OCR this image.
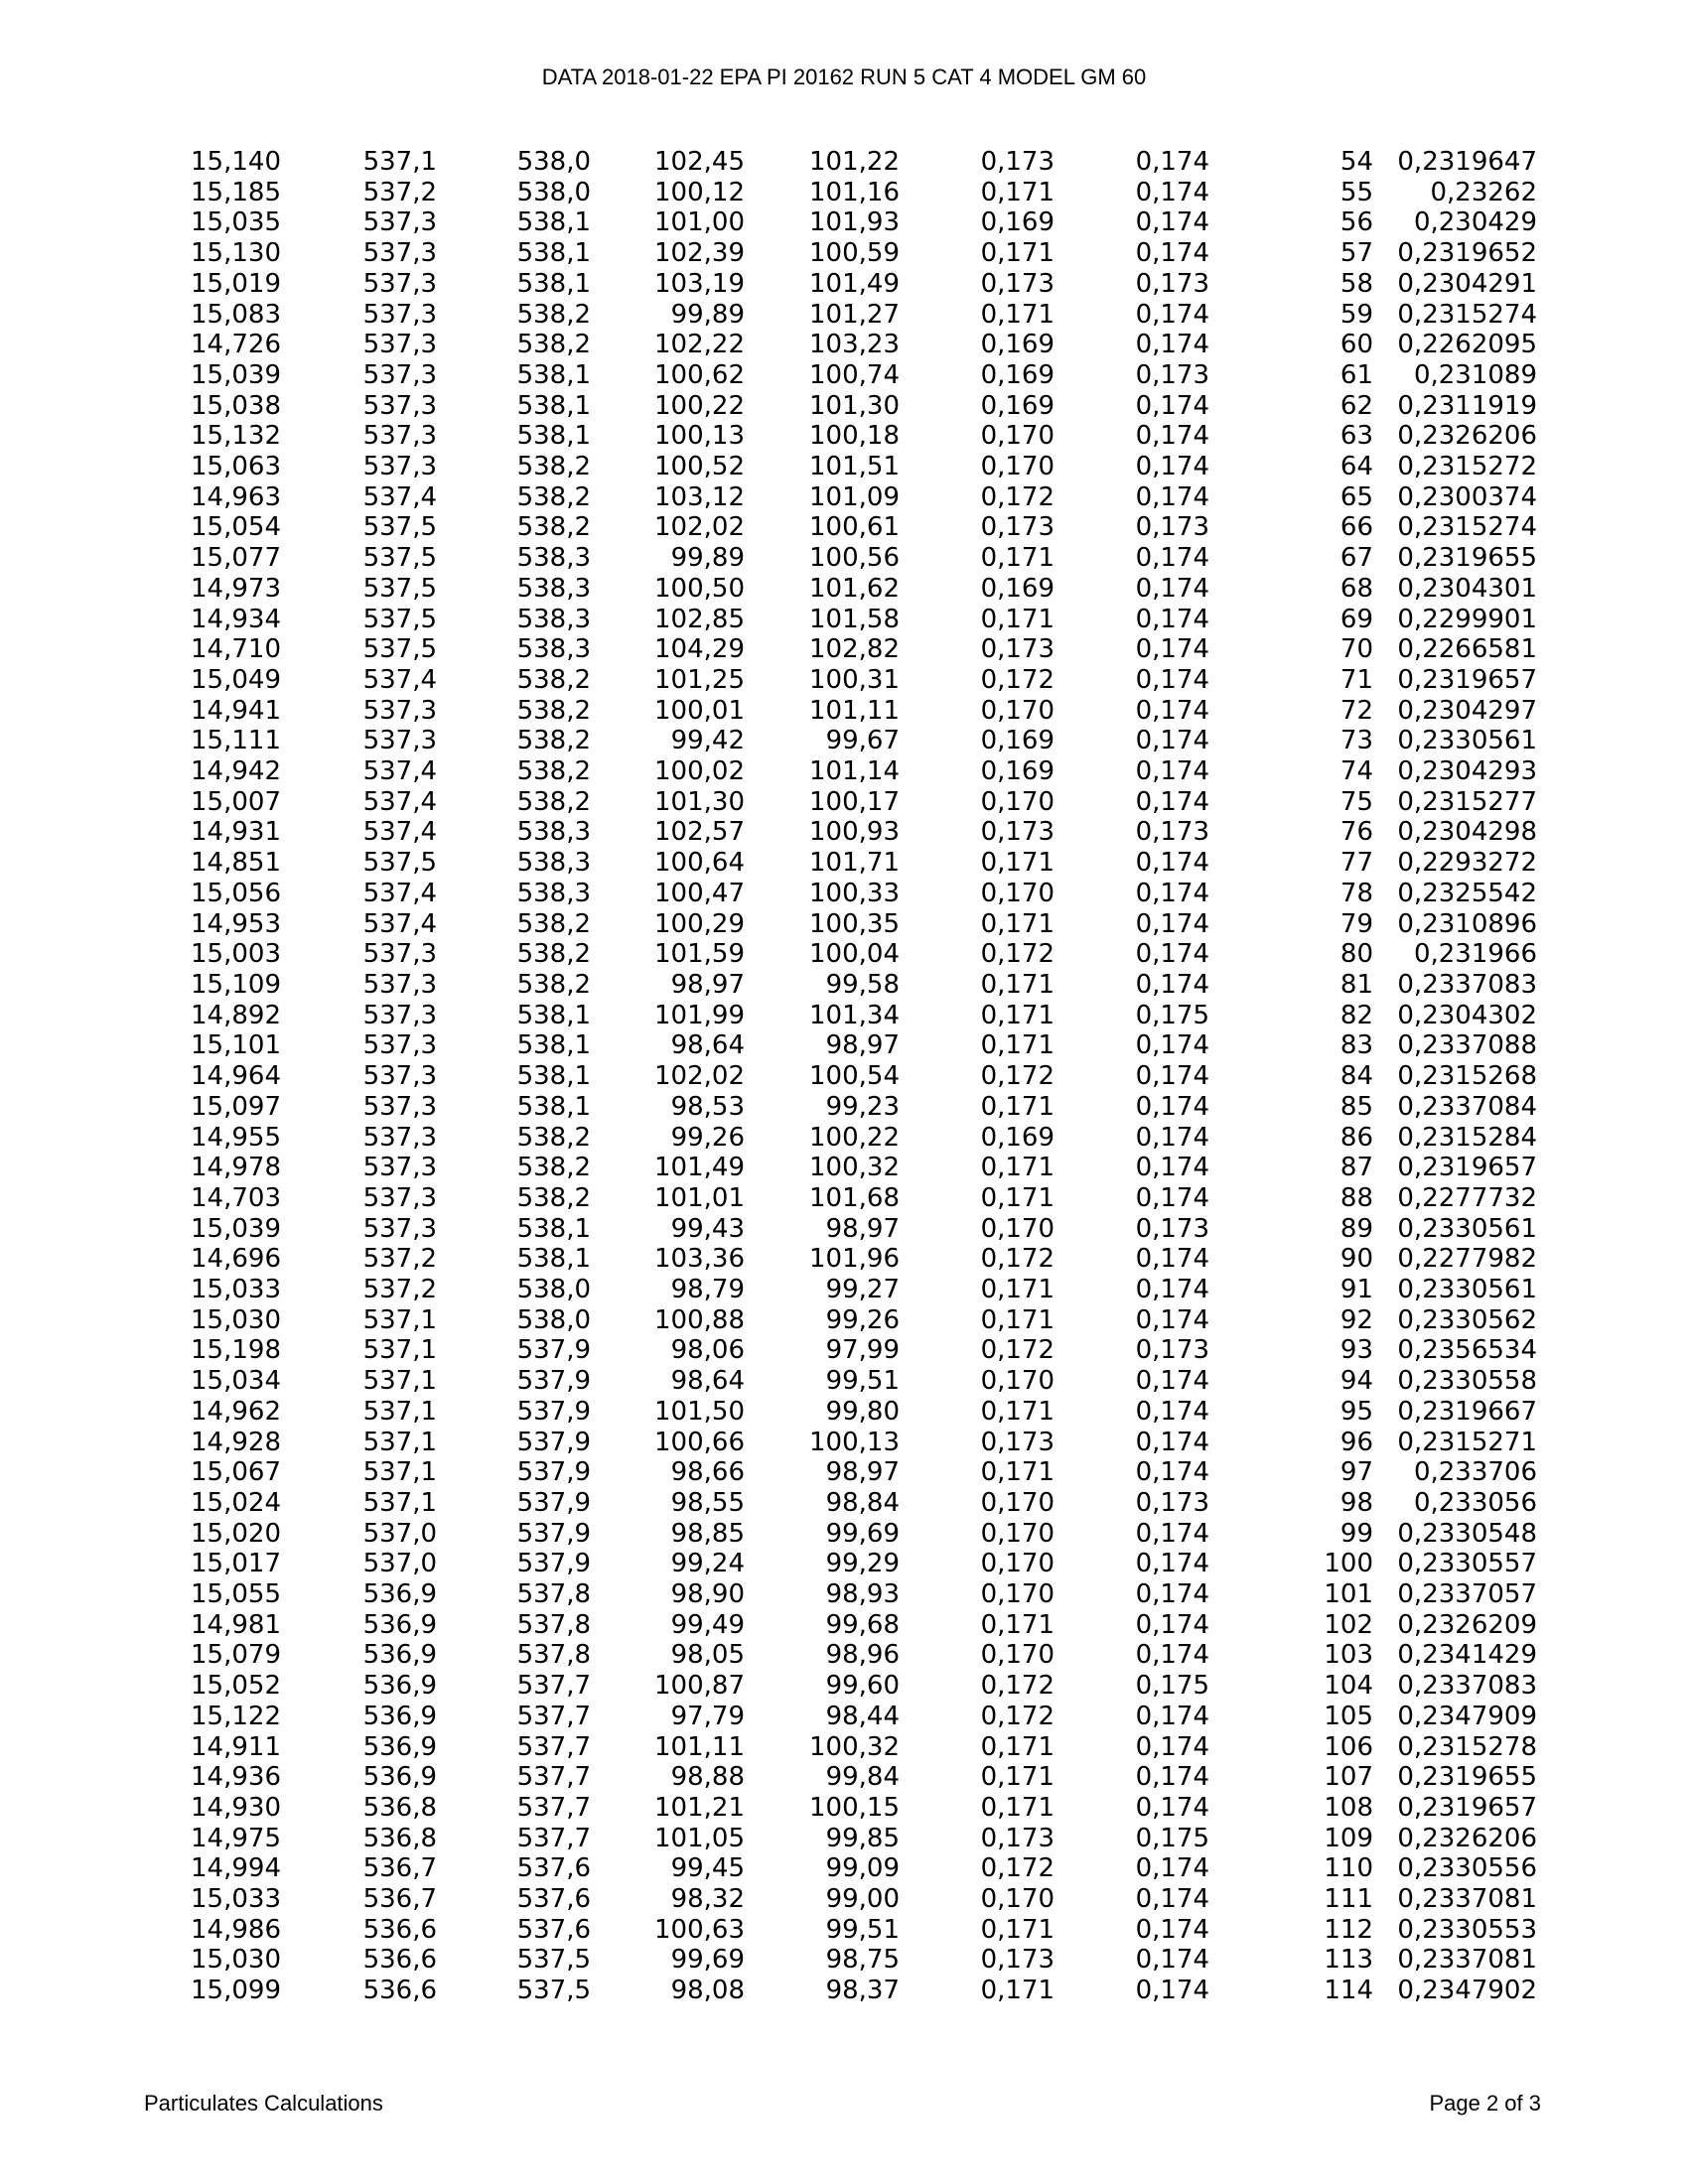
DATA 2018-01-22 EPA PI 20162 RUN 5 CAT 4 MODEL GM 60
15,140	537,1	538,0	102,45	101,22	0,173	0,174	54	0,2319647
15,185	537,2	538,0	100,12	101,16	0,171	0,174	55	0,23262
15,035	537,3	538,1	101,00	101,93	0,169	0,174	56	0,230429
15,130	537,3	538,1	102,39	100,59	0,171	0,174	57	0,2319652
15,019	537,3	538,1	103,19	101,49	0,173	0,173	58	0,2304291
15,083	537,3	538,2	99,89	101,27	0,171	0,174	59	0,2315274
14,726	537,3	538,2	102,22	103,23	0,169	0,174	60	0,2262095
15,039	537,3	538,1	100,62	100,74	0,169	0,173	61	0,231089
15,038	537,3	538,1	100,22	101,30	0,169	0,174	62	0,2311919
15,132	537,3	538,1	100,13	100,18	0,170	0,174	63	0,2326206
15,063	537,3	538,2	100,52	101,51	0,170	0,174	64	0,2315272
14,963	537,4	538,2	103,12	101,09	0,172	0,174	65	0,2300374
15,054	537,5	538,2	102,02	100,61	0,173	0,173	66	0,2315274
15,077	537,5	538,3	99,89	100,56	0,171	0,174	67	0,2319655
14,973	537,5	538,3	100,50	101,62	0,169	0,174	68	0,2304301
14,934	537,5	538,3	102,85	101,58	0,171	0,174	69	0,2299901
14,710	537,5	538,3	104,29	102,82	0,173	0,174	70	0,2266581
15,049	537,4	538,2	101,25	100,31	0,172	0,174	71	0,2319657
14,941	537,3	538,2	100,01	101,11	0,170	0,174	72	0,2304297
15,111	537,3	538,2	99,42	99,67	0,169	0,174	73	0,2330561
14,942	537,4	538,2	100,02	101,14	0,169	0,174	74	0,2304293
15,007	537,4	538,2	101,30	100,17	0,170	0,174	75	0,2315277
14,931	537,4	538,3	102,57	100,93	0,173	0,173	76	0,2304298
14,851	537,5	538,3	100,64	101,71	0,171	0,174	77	0,2293272
15,056	537,4	538,3	100,47	100,33	0,170	0,174	78	0,2325542
14,953	537,4	538,2	100,29	100,35	0,171	0,174	79	0,2310896
15,003	537,3	538,2	101,59	100,04	0,172	0,174	80	0,231966
15,109	537,3	538,2	98,97	99,58	0,171	0,174	81	0,2337083
14,892	537,3	538,1	101,99	101,34	0,171	0,175	82	0,2304302
15,101	537,3	538,1	98,64	98,97	0,171	0,174	83	0,2337088
14,964	537,3	538,1	102,02	100,54	0,172	0,174	84	0,2315268
15,097	537,3	538,1	98,53	99,23	0,171	0,174	85	0,2337084
14,955	537,3	538,2	99,26	100,22	0,169	0,174	86	0,2315284
14,978	537,3	538,2	101,49	100,32	0,171	0,174	87	0,2319657
14,703	537,3	538,2	101,01	101,68	0,171	0,174	88	0,2277732
15,039	537,3	538,1	99,43	98,97	0,170	0,173	89	0,2330561
14,696	537,2	538,1	103,36	101,96	0,172	0,174	90	0,2277982
15,033	537,2	538,0	98,79	99,27	0,171	0,174	91	0,2330561
15,030	537,1	538,0	100,88	99,26	0,171	0,174	92	0,2330562
15,198	537,1	537,9	98,06	97,99	0,172	0,173	93	0,2356534
15,034	537,1	537,9	98,64	99,51	0,170	0,174	94	0,2330558
14,962	537,1	537,9	101,50	99,80	0,171	0,174	95	0,2319667
14,928	537,1	537,9	100,66	100,13	0,173	0,174	96	0,2315271
15,067	537,1	537,9	98,66	98,97	0,171	0,174	97	0,233706
15,024	537,1	537,9	98,55	98,84	0,170	0,173	98	0,233056
15,020	537,0	537,9	98,85	99,69	0,170	0,174	99	0,2330548
15,017	537,0	537,9	99,24	99,29	0,170	0,174	100	0,2330557
15,055	536,9	537,8	98,90	98,93	0,170	0,174	101	0,2337057
14,981	536,9	537,8	99,49	99,68	0,171	0,174	102	0,2326209
15,079	536,9	537,8	98,05	98,96	0,170	0,174	103	0,2341429
15,052	536,9	537,7	100,87	99,60	0,172	0,175	104	0,2337083
15,122	536,9	537,7	97,79	98,44	0,172	0,174	105	0,2347909
14,911	536,9	537,7	101,11	100,32	0,171	0,174	106	0,2315278
14,936	536,9	537,7	98,88	99,84	0,171	0,174	107	0,2319655
14,930	536,8	537,7	101,21	100,15	0,171	0,174	108	0,2319657
14,975	536,8	537,7	101,05	99,85	0,173	0,175	109	0,2326206
14,994	536,7	537,6	99,45	99,09	0,172	0,174	110	0,2330556
15,033	536,7	537,6	98,32	99,00	0,170	0,174	111	0,2337081
14,986	536,6	537,6	100,63	99,51	0,171	0,174	112	0,2330553
15,030	536,6	537,5	99,69	98,75	0,173	0,174	113	0,2337081
15,099	536,6	537,5	98,08	98,37	0,171	0,174	114	0,2347902
Particulates Calculations	Page 2 of 3
